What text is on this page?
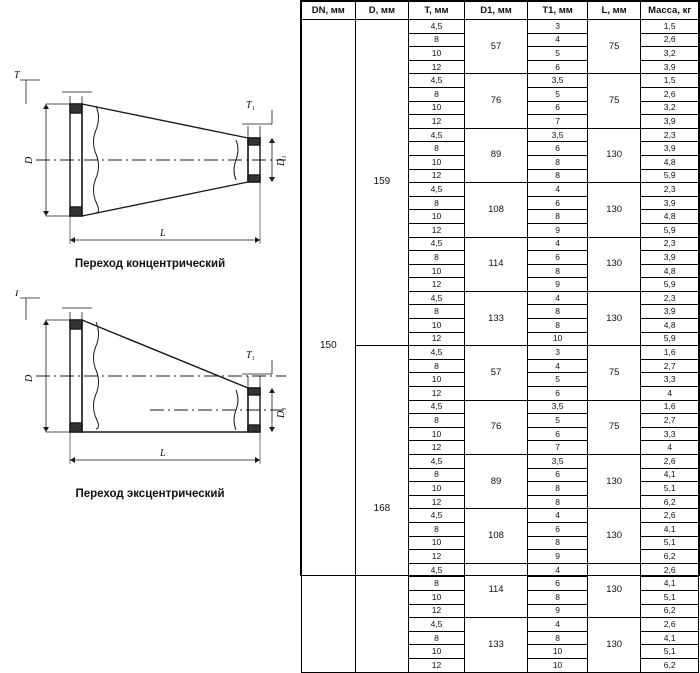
T
T₁
D	D₁
L
Переход концентрический
T
T₁
D
D₁
L
Переход эксцентрический
DN, мм	D, мм	T, мм	D1, мм	T1, мм	L, мм	Масса, кг
150	159	4,5	57	3	75	1,5
		8		4		2,6
		10		5		3,2
		12		6		3,9
		4,5	76	3,5	75	1,5
		8		5		2,6
		10		6		3,2
		12		7		3,9
		4,5	89	3,5	130	2,3
		8		6		3,9
		10		8		4,8
		12		8		5,9
		4,5	108	4	130	2,3
		8		6		3,9
		10		8		4,8
		12		9		5,9
		4,5	114	4	130	2,3
		8		6		3,9
		10		8		4,8
		12		9		5,9
		4,5	133	4	130	2,3
		8		8		3,9
		10		8		4,8
		12		10		5,9
	168	4,5	57	3	75	1,6
		8		4		2,7
		10		5		3,3
		12		6		4
		4,5	76	3,5	75	1,6
		8		5		2,7
		10		6		3,3
		12		7		4
		4,5	89	3,5	130	2,6
		8		6		4,1
		10		8		5,1
		12		8		6,2
		4,5	108	4	130	2,6
		8		6		4,1
		10		8		5,1
		12		9		6,2
		4,5	114	4	130	2,6
		8		6		4,1
		10		8		5,1
		12		9		6,2
		4,5	133	4	130	2,6
		8		8		4,1
		10		10		5,1
		12		10		6,2
